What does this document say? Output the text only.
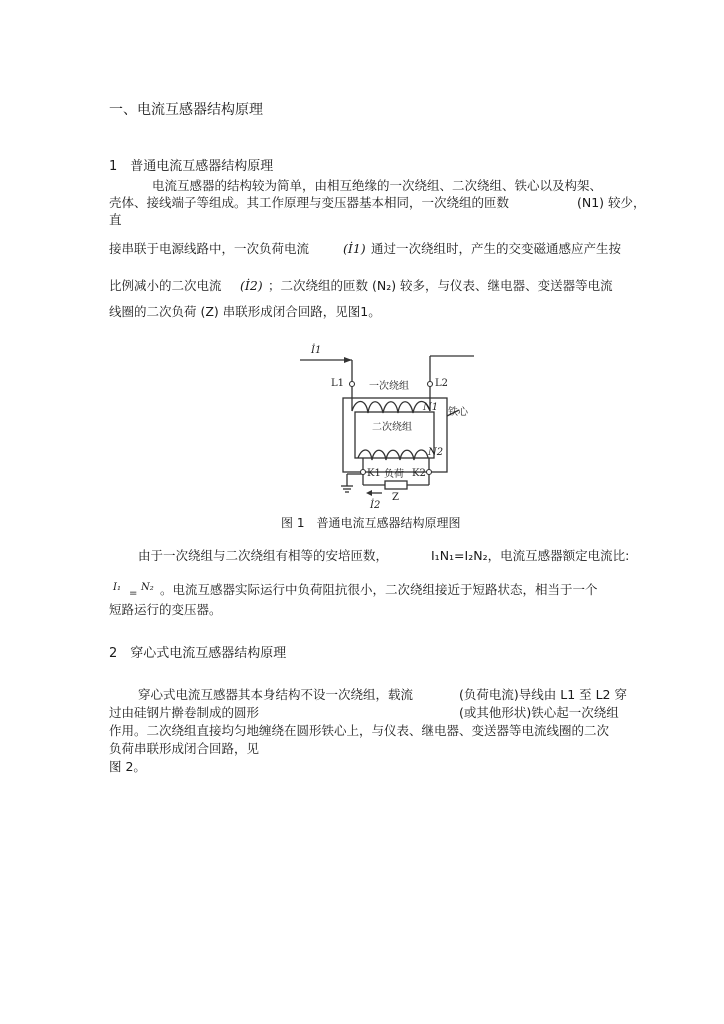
一、电流互感器结构原理
1　普通电流互感器结构原理
电流互感器的结构较为简单，由相互绝缘的一次绕组、二次绕组、铁心以及构架、
壳体、接线端子等组成。其工作原理与变压器基本相同，一次绕组的匝数	(N1) 较少，
直
接串联于电源线路中，一次负荷电流	(İ1) 通过一次绕组时，产生的交变磁通感应产生按
比例减小的二次电流 (İ2) ；二次绕组的匝数 (N₂) 较多，与仪表、继电器、变送器等电流
线圈的二次负荷 (Z) 串联形成闭合回路，见图1。
İ1
L1	L2
一次绕组
N1 铁心
二次绕组
N2
K1 负荷 K2
Z
İ2
图 1　普通电流互感器结构原理图
由于一次绕组与二次绕组有相等的安培匝数，	I₁N₁=I₂N₂，电流互感器额定电流比:
I₁
=
N₂ 。电流互感器实际运行中负荷阻抗很小，二次绕组接近于短路状态，相当于一个
短路运行的变压器。
2　穿心式电流互感器结构原理
穿心式电流互感器其本身结构不设一次绕组，载流	(负荷电流)导线由 L1 至 L2 穿
过由硅钢片擀卷制成的圆形	(或其他形状)铁心起一次绕组
作用。二次绕组直接均匀地缠绕在圆形铁心上，与仪表、继电器、变送器等电流线圈的二次
负荷串联形成闭合回路，见
图 2。
